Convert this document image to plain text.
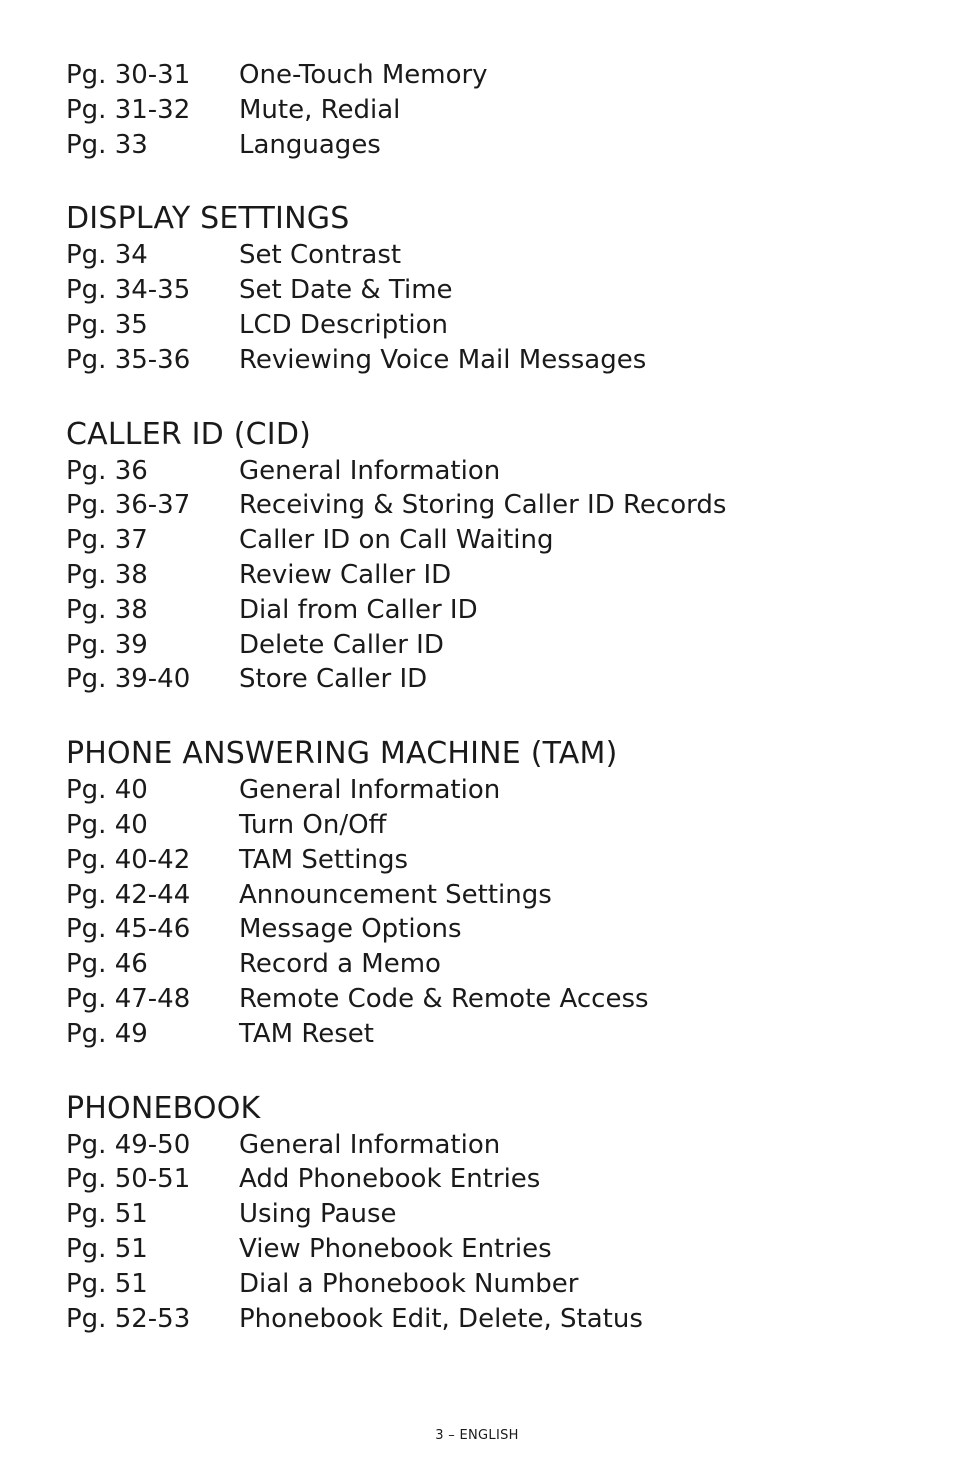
Pg. 30-31	One-Touch Memory
Pg. 31-32	Mute, Redial
Pg. 33	Languages
DISPLAY SETTINGS
Pg. 34	Set Contrast
Pg. 34-35	Set Date & Time
Pg. 35	LCD Description
Pg. 35-36	Reviewing Voice Mail Messages
CALLER ID (CID)
Pg. 36	General Information
Pg. 36-37	Receiving & Storing Caller ID Records
Pg. 37	Caller ID on Call Waiting
Pg. 38	Review Caller ID
Pg. 38	Dial from Caller ID
Pg. 39	Delete Caller ID
Pg. 39-40	Store Caller ID
PHONE ANSWERING MACHINE (TAM)
Pg. 40	General Information
Pg. 40	Turn On/Off
Pg. 40-42	TAM Settings
Pg. 42-44	Announcement Settings
Pg. 45-46	Message Options
Pg. 46	Record a Memo
Pg. 47-48	Remote Code & Remote Access
Pg. 49	TAM Reset
PHONEBOOK
Pg. 49-50	General Information
Pg. 50-51	Add Phonebook Entries
Pg. 51	Using Pause
Pg. 51	View Phonebook Entries
Pg. 51	Dial a Phonebook Number
Pg. 52-53	Phonebook Edit, Delete, Status
3 – ENGLISH
